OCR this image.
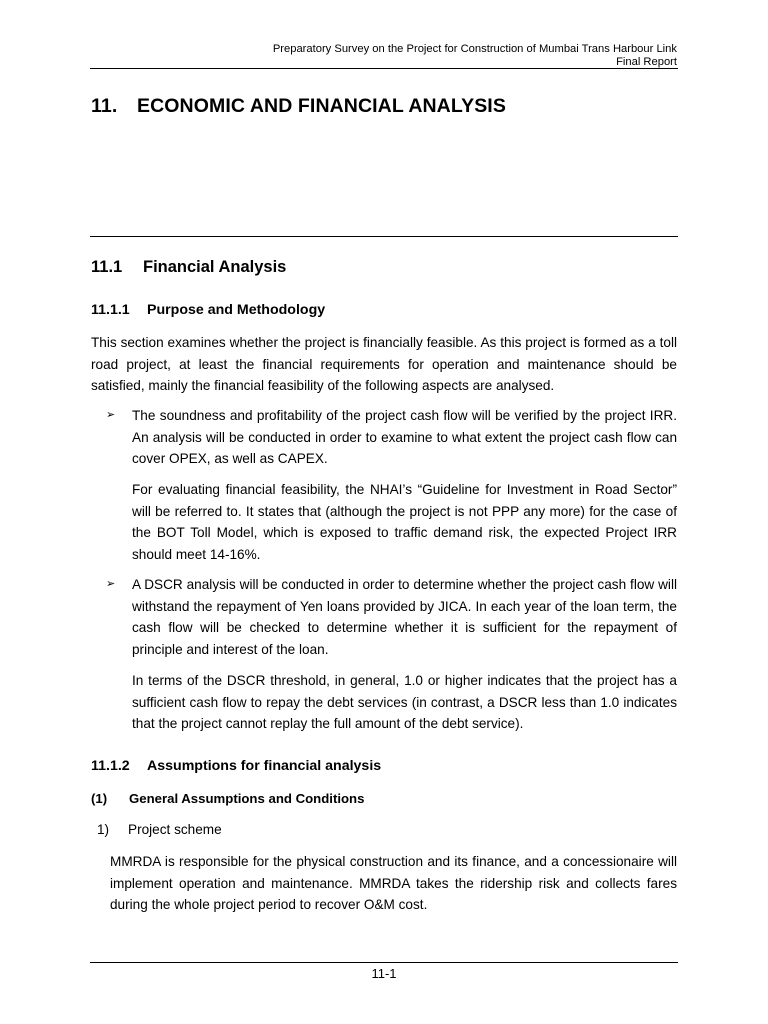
Preparatory Survey on the Project for Construction of Mumbai Trans Harbour Link
Final Report
11. ECONOMIC AND FINANCIAL ANALYSIS
11.1 Financial Analysis
11.1.1 Purpose and Methodology
This section examines whether the project is financially feasible. As this project is formed as a toll road project, at least the financial requirements for operation and maintenance should be satisfied, mainly the financial feasibility of the following aspects are analysed.
➢ The soundness and profitability of the project cash flow will be verified by the project IRR. An analysis will be conducted in order to examine to what extent the project cash flow can cover OPEX, as well as CAPEX.
For evaluating financial feasibility, the NHAI’s “Guideline for Investment in Road Sector” will be referred to. It states that (although the project is not PPP any more) for the case of the BOT Toll Model, which is exposed to traffic demand risk, the expected Project IRR should meet 14-16%.
➢ A DSCR analysis will be conducted in order to determine whether the project cash flow will withstand the repayment of Yen loans provided by JICA. In each year of the loan term, the cash flow will be checked to determine whether it is sufficient for the repayment of principle and interest of the loan.
In terms of the DSCR threshold, in general, 1.0 or higher indicates that the project has a sufficient cash flow to repay the debt services (in contrast, a DSCR less than 1.0 indicates that the project cannot replay the full amount of the debt service).
11.1.2 Assumptions for financial analysis
(1) General Assumptions and Conditions
1) Project scheme
MMRDA is responsible for the physical construction and its finance, and a concessionaire will implement operation and maintenance. MMRDA takes the ridership risk and collects fares during the whole project period to recover O&M cost.
11-1
